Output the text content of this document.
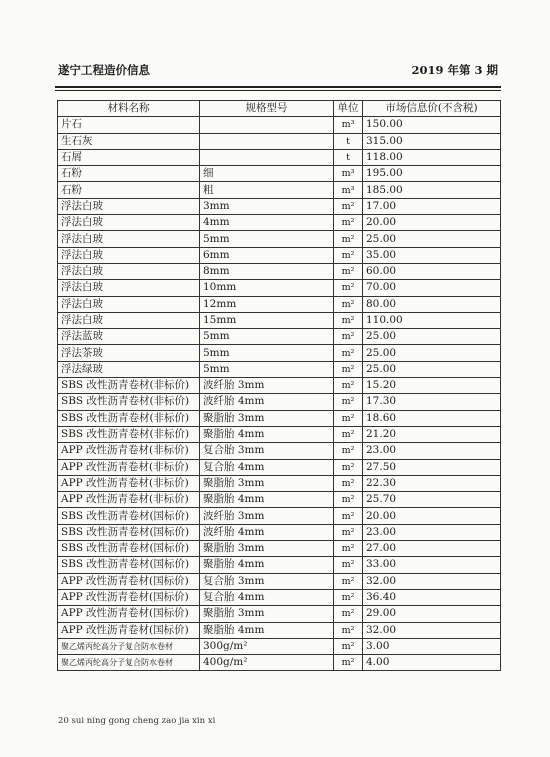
遂宁工程造价信息	2019 年第 3 期
材料名称	规格型号	单位	市场信息价(不含税)
片石		m³	150.00
生石灰		t	315.00
石屑		t	118.00
石粉	细	m³	195.00
石粉	粗	m³	185.00
浮法白玻	3mm	m²	17.00
浮法白玻	4mm	m²	20.00
浮法白玻	5mm	m²	25.00
浮法白玻	6mm	m²	35.00
浮法白玻	8mm	m²	60.00
浮法白玻	10mm	m²	70.00
浮法白玻	12mm	m²	80.00
浮法白玻	15mm	m²	110.00
浮法蓝玻	5mm	m²	25.00
浮法茶玻	5mm	m²	25.00
浮法绿玻	5mm	m²	25.00
SBS 改性沥青卷材(非标价)	波纤胎 3mm	m²	15.20
SBS 改性沥青卷材(非标价)	波纤胎 4mm	m²	17.30
SBS 改性沥青卷材(非标价)	聚脂胎 3mm	m²	18.60
SBS 改性沥青卷材(非标价)	聚脂胎 4mm	m²	21.20
APP 改性沥青卷材(非标价)	复合胎 3mm	m²	23.00
APP 改性沥青卷材(非标价)	复合胎 4mm	m²	27.50
APP 改性沥青卷材(非标价)	聚脂胎 3mm	m²	22.30
APP 改性沥青卷材(非标价)	聚脂胎 4mm	m²	25.70
SBS 改性沥青卷材(国标价)	波纤胎 3mm	m²	20.00
SBS 改性沥青卷材(国标价)	波纤胎 4mm	m²	23.00
SBS 改性沥青卷材(国标价)	聚脂胎 3mm	m²	27.00
SBS 改性沥青卷材(国标价)	聚脂胎 4mm	m²	33.00
APP 改性沥青卷材(国标价)	复合胎 3mm	m²	32.00
APP 改性沥青卷材(国标价)	复合胎 4mm	m²	36.40
APP 改性沥青卷材(国标价)	聚脂胎 3mm	m²	29.00
APP 改性沥青卷材(国标价)	聚脂胎 4mm	m²	32.00
聚乙烯丙纶高分子复合防水卷材	300g/m²	m²	3.00
聚乙烯丙纶高分子复合防水卷材	400g/m²	m²	4.00
20 sui ning gong cheng zao jia xin xi
